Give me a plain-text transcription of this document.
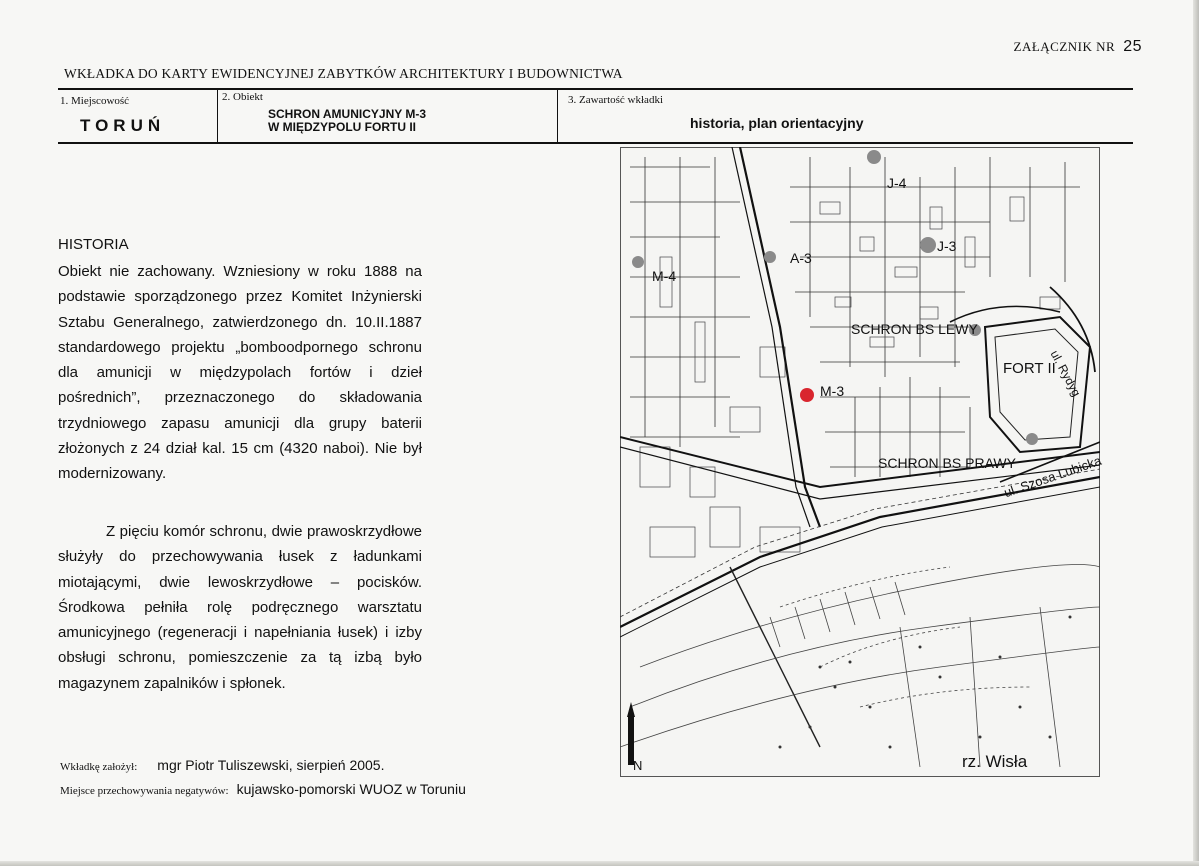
ZAŁĄCZNIK NR 25
WKŁADKA DO KARTY EWIDENCYJNEJ ZABYTKÓW ARCHITEKTURY I BUDOWNICTWA
1. Miejscowość
TORUŃ
2. Obiekt
SCHRON AMUNICYJNY M-3
W MIĘDZYPOLU FORTU II
3. Zawartość wkładki
historia, plan orientacyjny
HISTORIA

Obiekt nie zachowany. Wzniesiony w roku 1888 na podstawie sporządzonego przez Komitet Inżynierski Sztabu Generalnego, zatwierdzonego dn. 10.II.1887 standardowego projektu „bomboodpornego schronu dla amunicji w międzypolach fortów i dzieł pośrednich”, przeznaczonego do składowania trzydniowego zapasu amunicji dla grupy baterii złożonych z 24 dział kal. 15 cm (4320 naboi). Nie był modernizowany.

Z pięciu komór schronu, dwie prawoskrzydłowe służyły do przechowywania łusek z ładunkami miotającymi, dwie lewoskrzydłowe – pocisków. Środkowa pełniła rolę podręcznego warsztatu amunicyjnego (regeneracji i napełniania łusek) i izby obsługi schronu, pomieszczenie za tą izbą było magazynem zapalników i spłonek.

Wkładkę założył: mgr Piotr Tuliszewski, sierpień 2005.
Miejsce przechowywania negatywów: kujawsko-pomorski WUOZ w Toruniu
J-4
J-3
A-3
M-4
SCHRON BS LEWY
FORT II
ul. Rydyg
M-3
SCHRON BS PRAWY
ul. Szosa Lubicka
rz. Wisła
N
